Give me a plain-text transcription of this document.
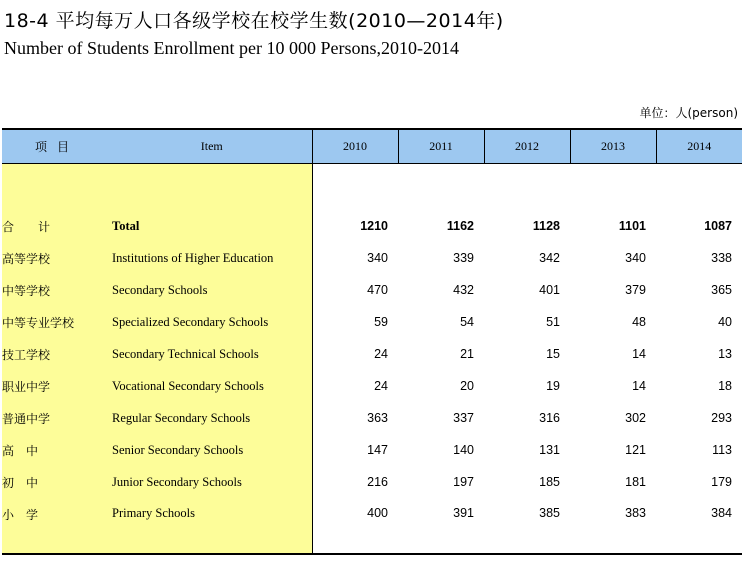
18-4 平均每万人口各级学校在校学生数(2010—2014年)
Number of Students Enrollment per 10 000 Persons,2010-2014
单位：人(person)
项目	Item	2010	2011	2012	2013	2014

合　　计	Total	1210	1162	1128	1101	1087
高等学校	Institutions of Higher Education	340	339	342	340	338
中等学校	Secondary Schools	470	432	401	379	365
中等专业学校	Specialized Secondary Schools	59	54	51	48	40
技工学校	Secondary Technical Schools	24	21	15	14	13
职业中学	Vocational Secondary Schools	24	20	19	14	18
普通中学	Regular Secondary Schools	363	337	316	302	293
高　中	Senior Secondary Schools	147	140	131	121	113
初　中	Junior Secondary Schools	216	197	185	181	179
小　学	Primary Schools	400	391	385	383	384
